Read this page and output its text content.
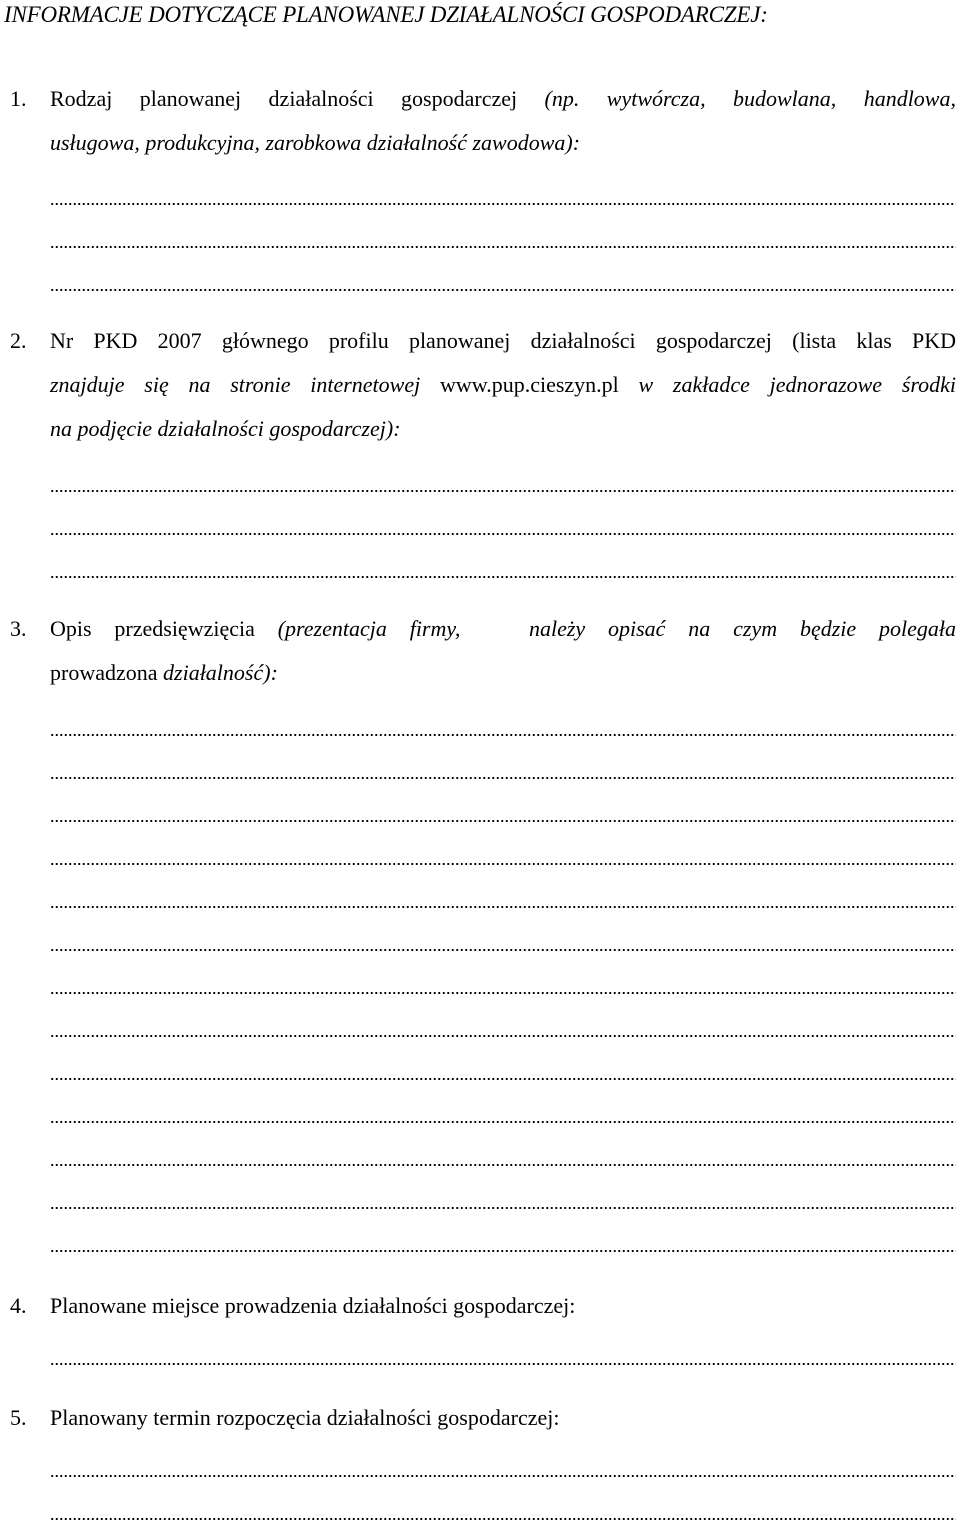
INFORMACJE DOTYCZĄCE PLANOWANEJ DZIAŁALNOŚCI GOSPODARCZEJ:
1. Rodzaj planowanej działalności gospodarczej (np. wytwórcza, budowlana, handlowa,
usługowa, produkcyjna, zarobkowa działalność zawodowa):
2. Nr PKD 2007 głównego profilu planowanej działalności gospodarczej (lista klas PKD
znajduje się na stronie internetowej www.pup.cieszyn.pl w zakładce jednorazowe środki
na podjęcie działalności gospodarczej):
3. Opis przedsięwzięcia (prezentacja firmy,   należy opisać na czym będzie polegała
prowadzona działalność):
4. Planowane miejsce prowadzenia działalności gospodarczej:
5. Planowany termin rozpoczęcia działalności gospodarczej:
